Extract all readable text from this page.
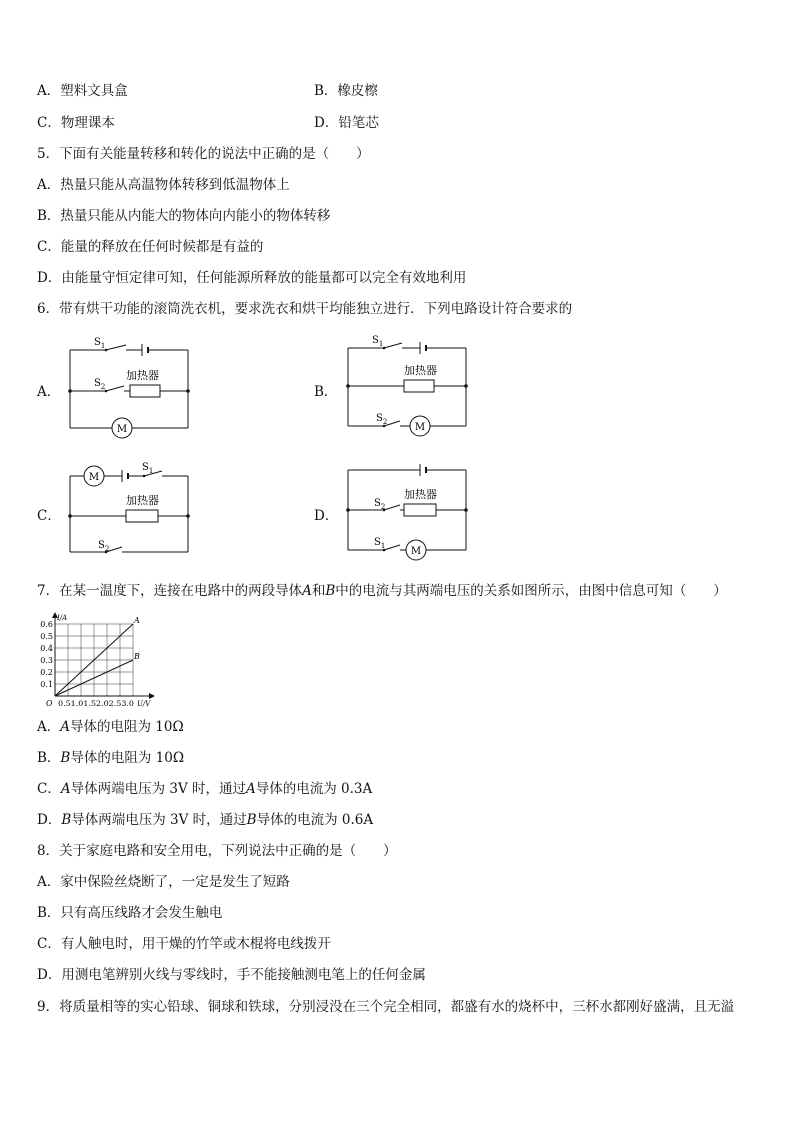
A．塑料文具盒	B．橡皮檫
C．物理课本	D．铅笔芯
5．下面有关能量转移和转化的说法中正确的是（　　）
A．热量只能从高温物体转移到低温物体上
B．热量只能从内能大的物体向内能小的物体转移
C．能量的释放在任何时候都是有益的
D．由能量守恒定律可知，任何能源所释放的能量都可以完全有效地利用
6．带有烘干功能的滚筒洗衣机，要求洗衣和烘干均能独立进行．下列电路设计符合要求的
A．
$S_1$
$S_2$
加热器
M
B．
$S_1$
$S_2$
加热器
M
C．
$S_1$
$S_2$
加热器
M
D．
$S_2$
$S_1$
加热器
M
7．在某一温度下，连接在电路中的两段导体A和B中的电流与其两端电压的关系如图所示，由图中信息可知（　　）
0.6
0.5
0.4
0.3
0.2
0.1
I/A
U/V
O 0.51.01.52.02.53.0
A
B
A．A导体的电阻为 10Ω
B．B导体的电阻为 10Ω
C．A导体两端电压为 3V 时，通过A导体的电流为 0.3A
D．B导体两端电压为 3V 时，通过B导体的电流为 0.6A
8．关于家庭电路和安全用电，下列说法中正确的是（　　）
A．家中保险丝烧断了，一定是发生了短路
B．只有高压线路才会发生触电
C．有人触电时，用干燥的竹竿或木棍将电线拨开
D．用测电笔辨别火线与零线时，手不能接触测电笔上的任何金属
9．将质量相等的实心铅球、铜球和铁球，分别浸没在三个完全相同，都盛有水的烧杯中，三杯水都刚好盛满，且无溢
